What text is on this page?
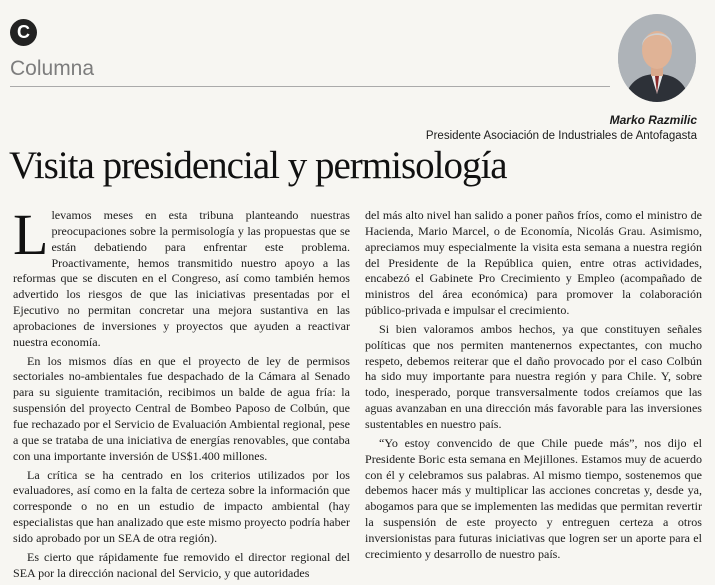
C
Columna
Marko Razmilic
Presidente Asociación de Industriales de Antofagasta
Visita presidencial y permisología

Llevamos meses en esta tribuna planteando nuestras preocupaciones sobre la permisología y las propuestas que se están debatiendo para enfrentar este problema. Proactivamente, hemos transmitido nuestro apoyo a las reformas que se discuten en el Congreso, así como también hemos advertido los riesgos de que las iniciativas presentadas por el Ejecutivo no permitan concretar una mejora sustantiva en las aprobaciones de inversiones y proyectos que ayuden a reactivar nuestra economía.

En los mismos días en que el proyecto de ley de permisos sectoriales no-ambientales fue despachado de la Cámara al Senado para su siguiente tramitación, recibimos un balde de agua fría: la suspensión del proyecto Central de Bombeo Paposo de Colbún, que fue rechazado por el Servicio de Evaluación Ambiental regional, pese a que se trataba de una iniciativa de energías renovables, que contaba con una importante inversión de US$1.400 millones.

La crítica se ha centrado en los criterios utilizados por los evaluadores, así como en la falta de certeza sobre la información que corresponde o no en un estudio de impacto ambiental (hay especialistas que han analizado que este mismo proyecto podría haber sido aprobado por un SEA de otra región).

Es cierto que rápidamente fue removido el director regional del SEA por la dirección nacional del Servicio, y que autoridades

del más alto nivel han salido a poner paños fríos, como el ministro de Hacienda, Mario Marcel, o de Economía, Nicolás Grau. Asimismo, apreciamos muy especialmente la visita esta semana a nuestra región del Presidente de la República quien, entre otras actividades, encabezó el Gabinete Pro Crecimiento y Empleo (acompañado de ministros del área económica) para promover la colaboración público-privada e impulsar el crecimiento.

Si bien valoramos ambos hechos, ya que constituyen señales políticas que nos permiten mantenernos expectantes, con mucho respeto, debemos reiterar que el daño provocado por el caso Colbún ha sido muy importante para nuestra región y para Chile. Y, sobre todo, inesperado, porque transversalmente todos creíamos que las aguas avanzaban en una dirección más favorable para las inversiones sustentables en nuestro país.

“Yo estoy convencido de que Chile puede más”, nos dijo el Presidente Boric esta semana en Mejillones. Estamos muy de acuerdo con él y celebramos sus palabras. Al mismo tiempo, sostenemos que debemos hacer más y multiplicar las acciones concretas y, desde ya, abogamos para que se implementen las medidas que permitan revertir la suspensión de este proyecto y entreguen certeza a otros inversionistas para futuras iniciativas que logren ser un aporte para el crecimiento y desarrollo de nuestro país.
